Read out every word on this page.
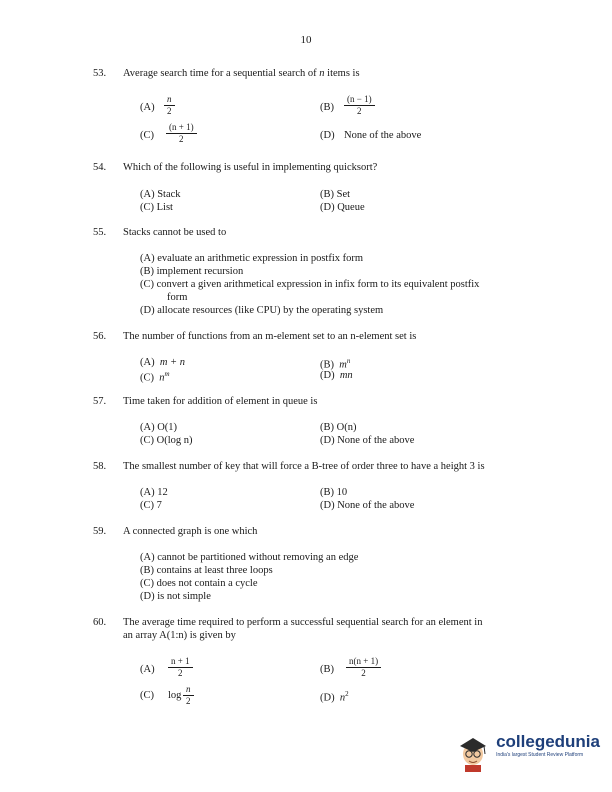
10
53. Average search time for a sequential search of n items is
$(A) \frac{n}{2}$	$(B) \frac{(n - 1)}{2}$
$(C) \frac{(n + 1)}{2}$	(D) None of the above
54. Which of the following is useful in implementing quicksort?
(A) Stack	(B) Set
(C) List	(D) Queue
55. Stacks cannot be used to
(A) evaluate an arithmetic expression in postfix form
(B) implement recursion
(C) convert a given arithmetical expression in infix form to its equivalent postfix
form
(D) allocate resources (like CPU) by the operating system
56. The number of functions from an m-element set to an n-element set is
(A) m + n	(B) $m^n$
(C) $n^m$	(D) mn
57. Time taken for addition of element in queue is
(A) O(1)	(B) O(n)
(C) O(log n)	(D) None of the above
58. The smallest number of key that will force a B-tree of order three to have a height 3 is
(A) 12	(B) 10
(C) 7	(D) None of the above
59. A connected graph is one which
(A) cannot be partitioned without removing an edge
(B) contains at least three loops
(C) does not contain a cycle
(D) is not simple
60. The average time required to perform a successful sequential search for an element in
an array A(1:n) is given by
$(A) \frac{n + 1}{2}$	$(B) \frac{n(n + 1)}{2}$
(C) $\log \frac{n}{2}$	(D) $n^2$
collegedunia
India's largest Student Review Platform
